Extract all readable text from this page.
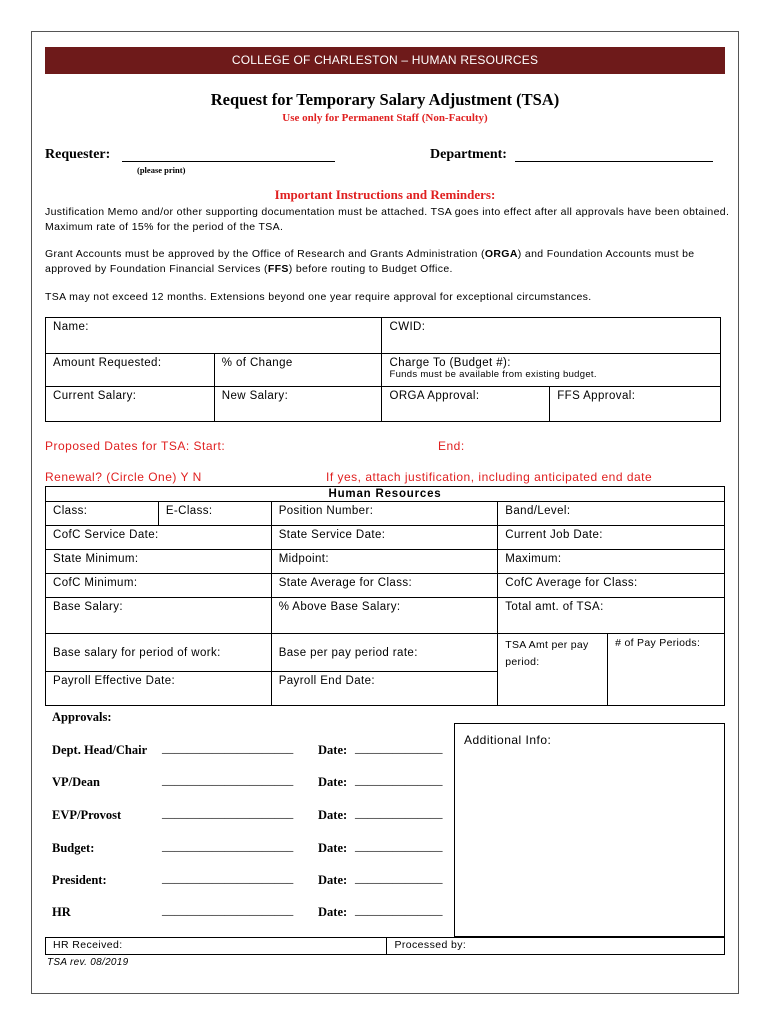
COLLEGE OF CHARLESTON – HUMAN RESOURCES
Request for Temporary Salary Adjustment (TSA)
Use only for Permanent Staff (Non-Faculty)
Requester:
(please print)
Department:
Important Instructions and Reminders:
Justification Memo and/or other supporting documentation must be attached. TSA goes into effect after all approvals have been obtained. Maximum rate of 15% for the period of the TSA.
Grant Accounts must be approved by the Office of Research and Grants Administration (ORGA) and Foundation Accounts must be approved by Foundation Financial Services (FFS) before routing to Budget Office.
TSA may not exceed 12 months. Extensions beyond one year require approval for exceptional circumstances.
Name:		CWID:	
Amount Requested:	% of Change	Charge To (Budget #):
Funds must be available from existing budget.	

Current Salary:	New Salary:	ORGA Approval:	FFS Approval:
Proposed Dates for TSA: Start:	End:
Renewal? (Circle One) Y N	If yes, attach justification, including anticipated end date
Human Resources				
Class:	E-Class:	Position Number:	Band/Level:	
CofC Service Date:		State Service Date:	Current Job Date:	
State Minimum:		Midpoint:	Maximum:	
CofC Minimum:		State Average for Class:	CofC Average for Class:	
Base Salary:		% Above Base Salary:	Total amt. of TSA:	
Base salary for period of work:		Base per pay period rate:	TSA Amt per pay period:	# of Pay Periods:
Payroll Effective Date:		Payroll End Date:		
Approvals:
Dept. Head/Chair _____________________ Date: ______________
VP/Dean	_____________________ Date: ______________
EVP/Provost	_____________________ Date: ______________
Budget:	_____________________ Date: ______________
President:	_____________________ Date: ______________
HR	_____________________ Date: ______________
Additional Info:
HR Received:	Processed by:
TSA rev. 08/2019
